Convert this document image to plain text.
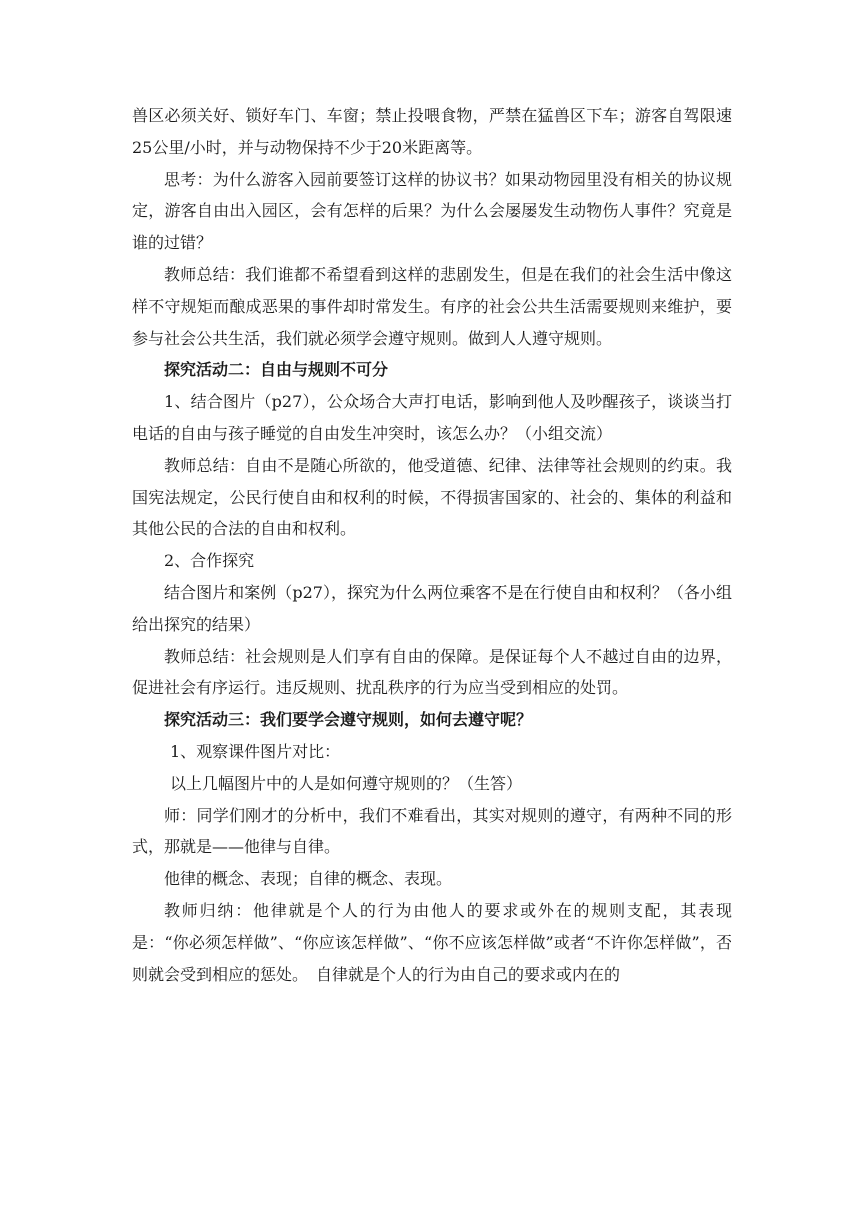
兽区必须关好、锁好车门、车窗；禁止投喂食物，严禁在猛兽区下车；游客自驾限速25公里/小时，并与动物保持不少于20米距离等。

思考：为什么游客入园前要签订这样的协议书？如果动物园里没有相关的协议规定，游客自由出入园区，会有怎样的后果？为什么会屡屡发生动物伤人事件？究竟是谁的过错？

教师总结：我们谁都不希望看到这样的悲剧发生，但是在我们的社会生活中像这样不守规矩而酿成恶果的事件却时常发生。有序的社会公共生活需要规则来维护，要参与社会公共生活，我们就必须学会遵守规则。做到人人遵守规则。

探究活动二：自由与规则不可分

1、结合图片（p27），公众场合大声打电话，影响到他人及吵醒孩子，谈谈当打电话的自由与孩子睡觉的自由发生冲突时，该怎么办？（小组交流）

教师总结：自由不是随心所欲的，他受道德、纪律、法律等社会规则的约束。我国宪法规定，公民行使自由和权利的时候，不得损害国家的、社会的、集体的利益和其他公民的合法的自由和权利。

2、合作探究

结合图片和案例（p27），探究为什么两位乘客不是在行使自由和权利？（各小组给出探究的结果）

教师总结：社会规则是人们享有自由的保障。是保证每个人不越过自由的边界，促进社会有序运行。违反规则、扰乱秩序的行为应当受到相应的处罚。

探究活动三：我们要学会遵守规则，如何去遵守呢？

1、观察课件图片对比：

以上几幅图片中的人是如何遵守规则的？（生答）

师：同学们刚才的分析中，我们不难看出，其实对规则的遵守，有两种不同的形式，那就是——他律与自律。

他律的概念、表现；自律的概念、表现。

教师归纳：他律就是个人的行为由他人的要求或外在的规则支配，其表现是：“你必须怎样做”、“你应该怎样做”、“你不应该怎样做”或者“不许你怎样做”，否则就会受到相应的惩处。　自律就是个人的行为由自己的要求或内在的
